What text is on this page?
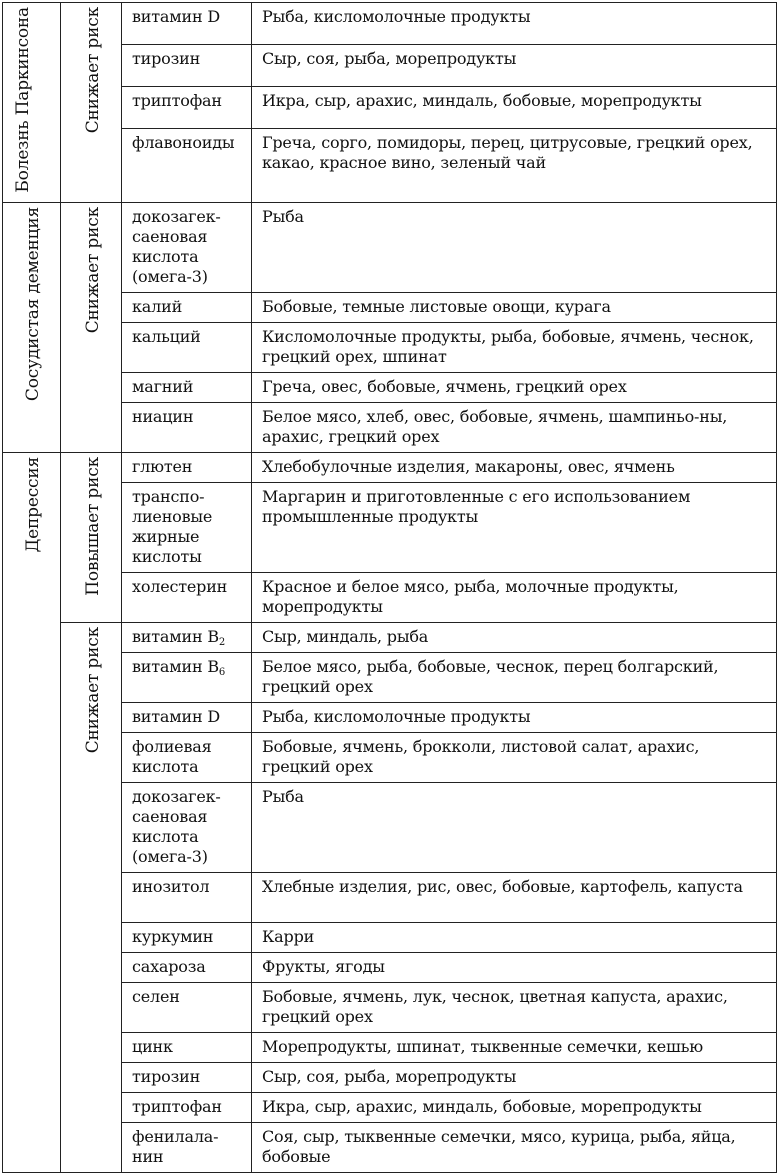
Болезнь Паркинсона	Снижает риск	витамин D	Рыба, кисломолочные продукты
		тирозин	Сыр, соя, рыба, морепродукты
		триптофан	Икра, сыр, арахис, миндаль, бобовые, морепродукты
		флавоноиды	Греча, сорго, помидоры, перец, цитрусовые, грецкий орех, какао, красное вино, зеленый чай
Сосудистая деменция	Снижает риск	докозагек-саеновая кислота (омега-3)	Рыба
		калий	Бобовые, темные листовые овощи, курага
		кальций	Кисломолочные продукты, рыба, бобовые, ячмень, чеснок, грецкий орех, шпинат
		магний	Греча, овес, бобовые, ячмень, грецкий орех
		ниацин	Белое мясо, хлеб, овес, бобовые, ячмень, шампиньо-ны, арахис, грецкий орех
Депрессия	Повышает риск	глютен	Хлебобулочные изделия, макароны, овес, ячмень
		транспо-лиеновые жирные кислоты	Маргарин и приготовленные с его использованием промышленные продукты
		холестерин	Красное и белое мясо, рыба, молочные продукты, морепродукты
	Снижает риск	витамин $B_2$	Сыр, миндаль, рыба
		витамин $B_6$	Белое мясо, рыба, бобовые, чеснок, перец болгарский, грецкий орех
		витамин D	Рыба, кисломолочные продукты
		фолиевая кислота	Бобовые, ячмень, брокколи, листовой салат, арахис, грецкий орех
		докозагек-саеновая кислота (омега-3)	Рыба
		инозитол	Хлебные изделия, рис, овес, бобовые, картофель, капуста
		куркумин	Карри
		сахароза	Фрукты, ягоды
		селен	Бобовые, ячмень, лук, чеснок, цветная капуста, арахис, грецкий орех
		цинк	Морепродукты, шпинат, тыквенные семечки, кешью
		тирозин	Сыр, соя, рыба, морепродукты
		триптофан	Икра, сыр, арахис, миндаль, бобовые, морепродукты
		фенилала-нин	Соя, сыр, тыквенные семечки, мясо, курица, рыба, яйца, бобовые
